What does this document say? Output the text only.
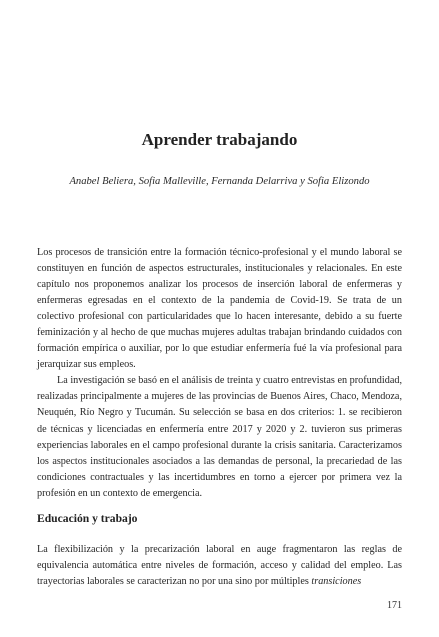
Aprender trabajando
Anabel Beliera, Sofia Malleville, Fernanda Delarriva y Sofia Elizondo

Los procesos de transición entre la formación técnico-profesional y el mundo laboral se constituyen en función de aspectos estructurales, institucionales y relacionales. En este capítulo nos proponemos analizar los procesos de inserción laboral de enfermeras y enfermeras egresadas en el contexto de la pandemia de Covid-19. Se trata de un colectivo profesional con particularidades que lo hacen interesante, debido a su fuerte feminización y al hecho de que muchas mujeres adultas trabajan brindando cuidados con formación empírica o auxiliar, por lo que estudiar enfermería fué la vía profesional para jerarquizar sus empleos.

La investigación se basó en el análisis de treinta y cuatro entrevistas en profundidad, realizadas principalmente a mujeres de las provincias de Buenos Aires, Chaco, Mendoza, Neuquén, Río Negro y Tucumán. Su selección se basa en dos criterios: 1. se recibieron de técnicas y licenciadas en enfermería entre 2017 y 2020 y 2. tuvieron sus primeras experiencias laborales en el campo profesional durante la crisis sanitaria. Caracterizamos los aspectos institucionales asociados a las demandas de personal, la precariedad de las condiciones contractuales y las incertidumbres en torno a ejercer por primera vez la profesión en un contexto de emergencia.

Educación y trabajo

La flexibilización y la precarización laboral en auge fragmentaron las reglas de equivalencia automática entre niveles de formación, acceso y calidad del empleo. Las trayectorias laborales se caracterizan no por una sino por múltiples transiciones

171
